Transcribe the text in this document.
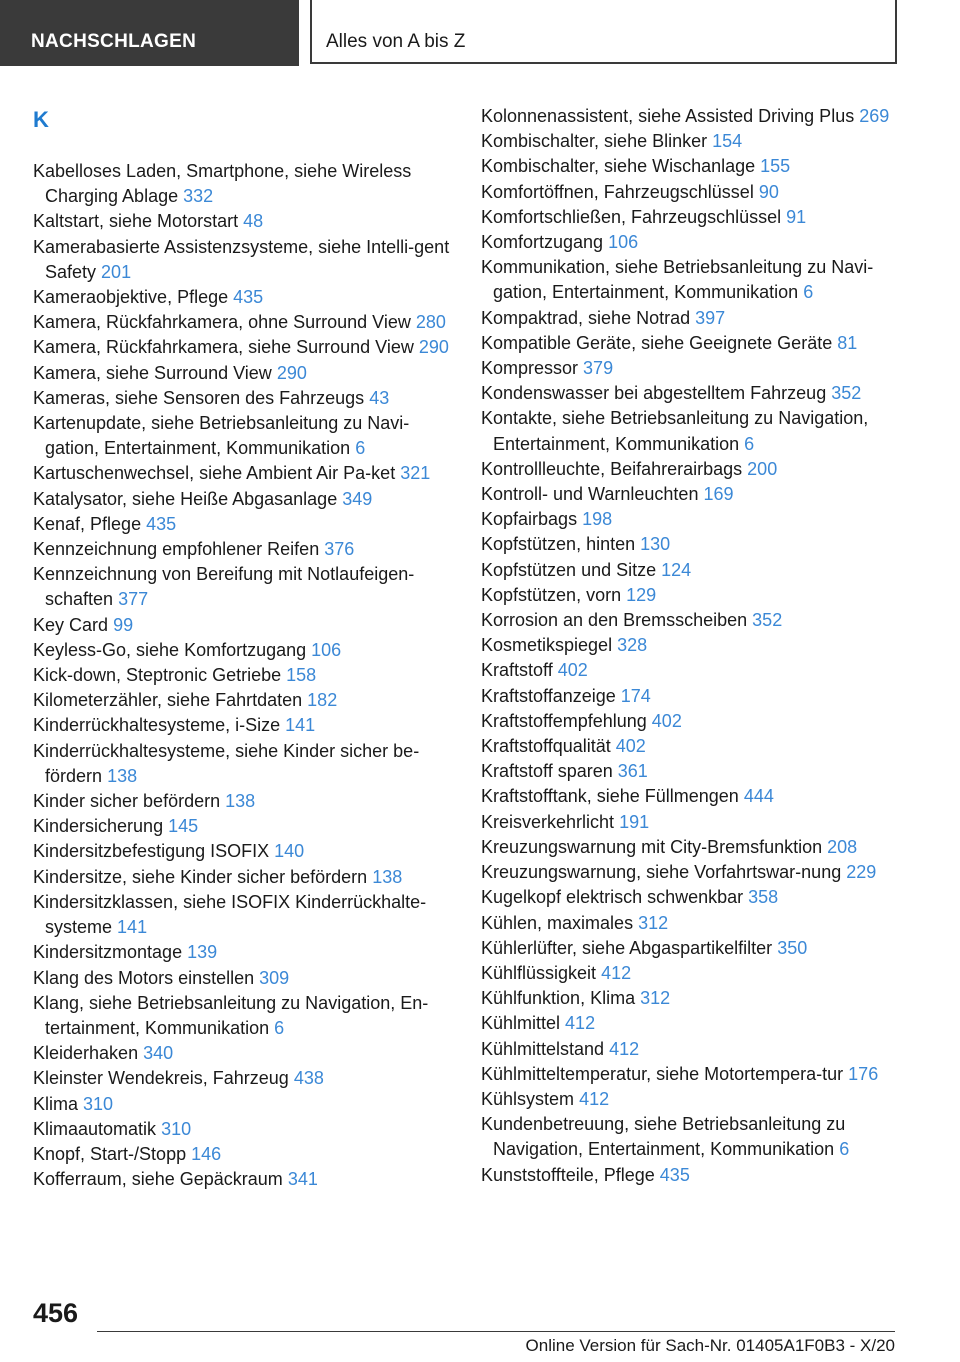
NACHSCHLAGEN	Alles von A bis Z
K

Kabelloses Laden, Smartphone, siehe Wireless Charging Ablage 332

Kaltstart, siehe Motorstart 48

Kamerabasierte Assistenzsysteme, siehe Intelli-gent Safety 201

Kameraobjektive, Pflege 435

Kamera, Rückfahrkamera, ohne Surround View 280

Kamera, Rückfahrkamera, siehe Surround View 290

Kamera, siehe Surround View 290

Kameras, siehe Sensoren des Fahrzeugs 43

Kartenupdate, siehe Betriebsanleitung zu Navi-gation, Entertainment, Kommunikation 6

Kartuschenwechsel, siehe Ambient Air Pa-ket 321

Katalysator, siehe Heiße Abgasanlage 349

Kenaf, Pflege 435

Kennzeichnung empfohlener Reifen 376

Kennzeichnung von Bereifung mit Notlaufeigen-schaften 377

Key Card 99

Keyless-Go, siehe Komfortzugang 106

Kick-down, Steptronic Getriebe 158

Kilometerzähler, siehe Fahrtdaten 182

Kinderrückhaltesysteme, i-Size 141

Kinderrückhaltesysteme, siehe Kinder sicher be-fördern 138

Kinder sicher befördern 138

Kindersicherung 145

Kindersitzbefestigung ISOFIX 140

Kindersitze, siehe Kinder sicher befördern 138

Kindersitzklassen, siehe ISOFIX Kinderrückhalte-systeme 141

Kindersitzmontage 139

Klang des Motors einstellen 309

Klang, siehe Betriebsanleitung zu Navigation, En-tertainment, Kommunikation 6

Kleiderhaken 340

Kleinster Wendekreis, Fahrzeug 438

Klima 310

Klimaautomatik 310

Knopf, Start-/Stopp 146

Kofferraum, siehe Gepäckraum 341

Kolonnenassistent, siehe Assisted Driving Plus 269

Kombischalter, siehe Blinker 154

Kombischalter, siehe Wischanlage 155

Komfortöffnen, Fahrzeugschlüssel 90

Komfortschließen, Fahrzeugschlüssel 91

Komfortzugang 106

Kommunikation, siehe Betriebsanleitung zu Navi-gation, Entertainment, Kommunikation 6

Kompaktrad, siehe Notrad 397

Kompatible Geräte, siehe Geeignete Geräte 81

Kompressor 379

Kondenswasser bei abgestelltem Fahrzeug 352

Kontakte, siehe Betriebsanleitung zu Navigation, Entertainment, Kommunikation 6

Kontrollleuchte, Beifahrerairbags 200

Kontroll- und Warnleuchten 169

Kopfairbags 198

Kopfstützen, hinten 130

Kopfstützen und Sitze 124

Kopfstützen, vorn 129

Korrosion an den Bremsscheiben 352

Kosmetikspiegel 328

Kraftstoff 402

Kraftstoffanzeige 174

Kraftstoffempfehlung 402

Kraftstoffqualität 402

Kraftstoff sparen 361

Kraftstofftank, siehe Füllmengen 444

Kreisverkehrlicht 191

Kreuzungswarnung mit City-Bremsfunktion 208

Kreuzungswarnung, siehe Vorfahrtswar-nung 229

Kugelkopf elektrisch schwenkbar 358

Kühlen, maximales 312

Kühlerlüfter, siehe Abgaspartikelfilter 350

Kühlflüssigkeit 412

Kühlfunktion, Klima 312

Kühlmittel 412

Kühlmittelstand 412

Kühlmitteltemperatur, siehe Motortempera-tur 176

Kühlsystem 412

Kundenbetreuung, siehe Betriebsanleitung zu Navigation, Entertainment, Kommunikation 6

Kunststoffteile, Pflege 435

456
Online Version für Sach-Nr. 01405A1F0B3 - X/20
